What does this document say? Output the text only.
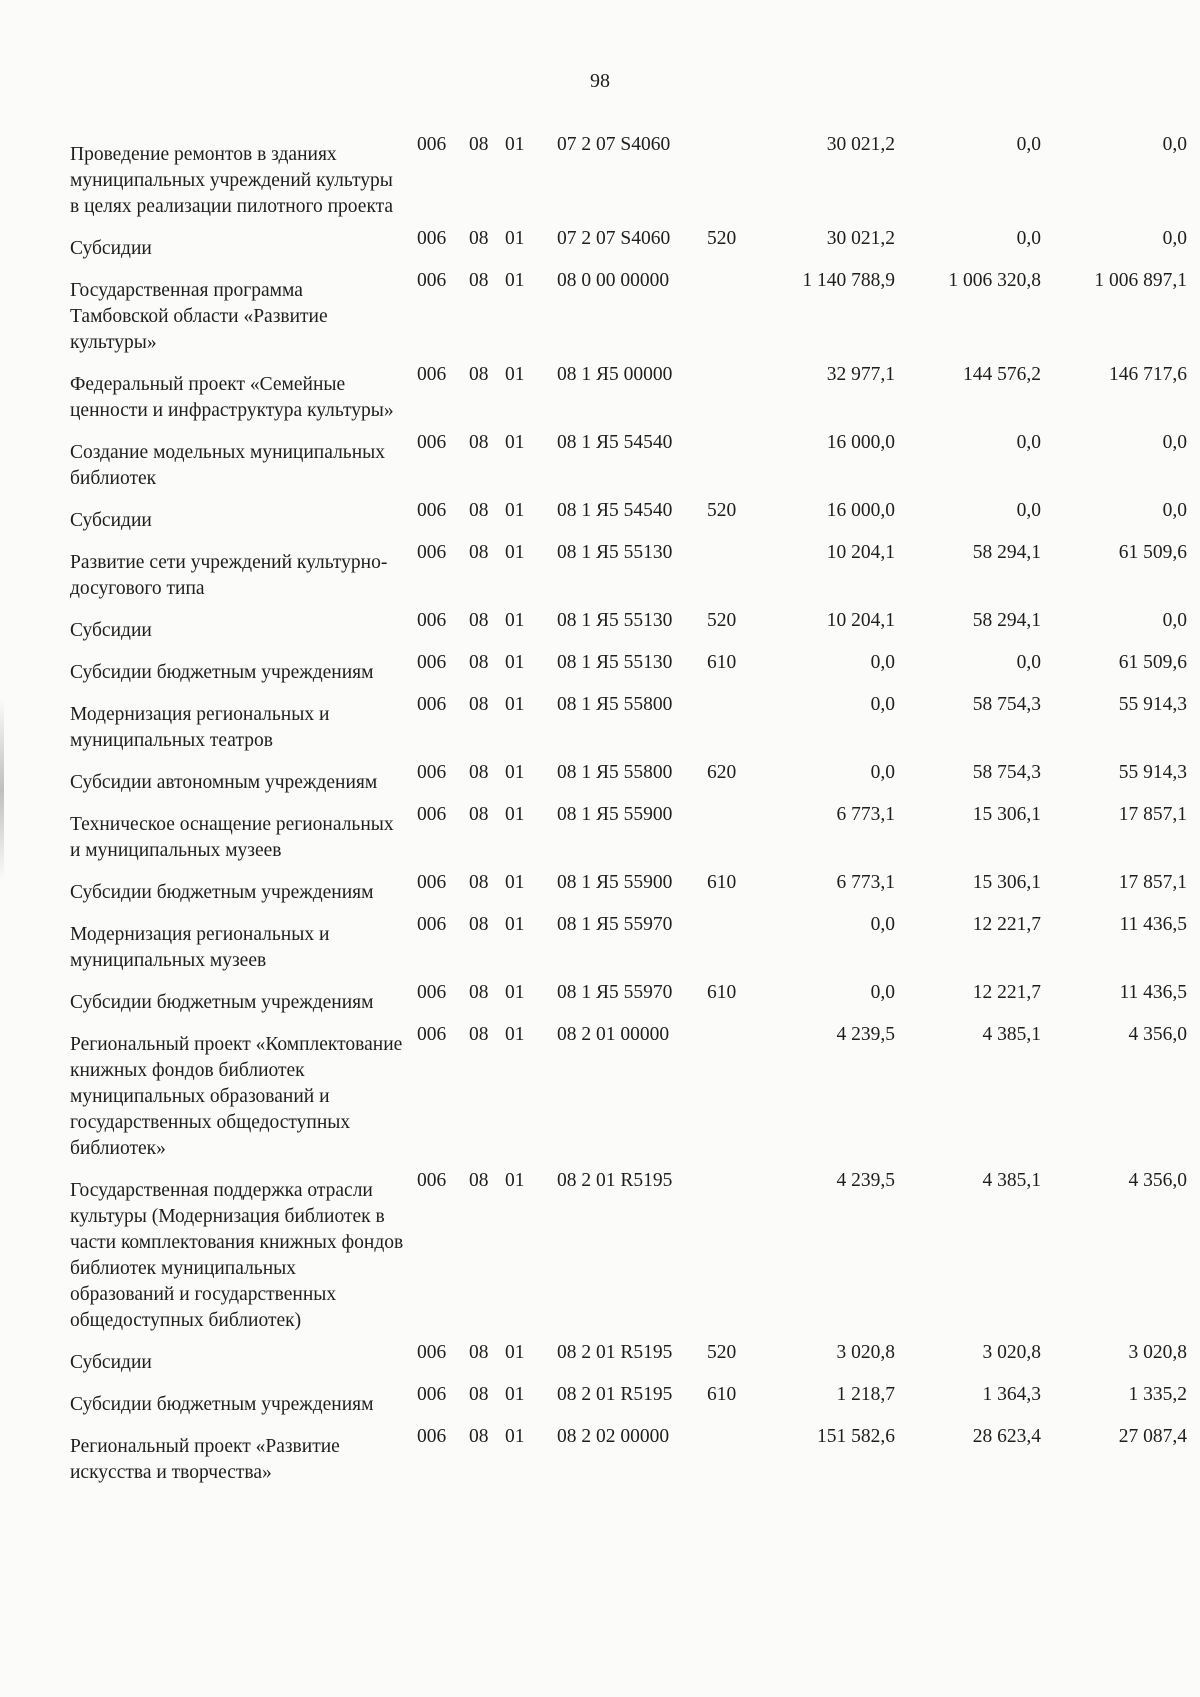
98
Проведение ремонтов в зданиях муниципальных учреждений культуры в целях реализации пилотного проекта	006	08	01	07 2 07 S4060		30 021,2	0,0	0,0
Субсидии	006	08	01	07 2 07 S4060	520	30 021,2	0,0	0,0
Государственная программа Тамбовской области «Развитие культуры»	006	08	01	08 0 00 00000		1 140 788,9	1 006 320,8	1 006 897,1
Федеральный проект «Семейные ценности и инфраструктура культуры»	006	08	01	08 1 Я5 00000		32 977,1	144 576,2	146 717,6
Создание модельных муниципальных библиотек	006	08	01	08 1 Я5 54540		16 000,0	0,0	0,0
Субсидии	006	08	01	08 1 Я5 54540	520	16 000,0	0,0	0,0
Развитие сети учреждений культурно-досугового типа	006	08	01	08 1 Я5 55130		10 204,1	58 294,1	61 509,6
Субсидии	006	08	01	08 1 Я5 55130	520	10 204,1	58 294,1	0,0
Субсидии бюджетным учреждениям	006	08	01	08 1 Я5 55130	610	0,0	0,0	61 509,6
Модернизация региональных и муниципальных театров	006	08	01	08 1 Я5 55800		0,0	58 754,3	55 914,3
Субсидии автономным учреждениям	006	08	01	08 1 Я5 55800	620	0,0	58 754,3	55 914,3
Техническое оснащение региональных и муниципальных музеев	006	08	01	08 1 Я5 55900		6 773,1	15 306,1	17 857,1
Субсидии бюджетным учреждениям	006	08	01	08 1 Я5 55900	610	6 773,1	15 306,1	17 857,1
Модернизация региональных и муниципальных музеев	006	08	01	08 1 Я5 55970		0,0	12 221,7	11 436,5
Субсидии бюджетным учреждениям	006	08	01	08 1 Я5 55970	610	0,0	12 221,7	11 436,5
Региональный проект «Комплектование книжных фондов библиотек муниципальных образований и государственных общедоступных библиотек»	006	08	01	08 2 01 00000		4 239,5	4 385,1	4 356,0
Государственная поддержка отрасли культуры (Модернизация библиотек в части комплектования книжных фондов библиотек муниципальных образований и государственных общедоступных библиотек)	006	08	01	08 2 01 R5195		4 239,5	4 385,1	4 356,0
Субсидии	006	08	01	08 2 01 R5195	520	3 020,8	3 020,8	3 020,8
Субсидии бюджетным учреждениям	006	08	01	08 2 01 R5195	610	1 218,7	1 364,3	1 335,2
Региональный проект «Развитие искусства и творчества»	006	08	01	08 2 02 00000		151 582,6	28 623,4	27 087,4
